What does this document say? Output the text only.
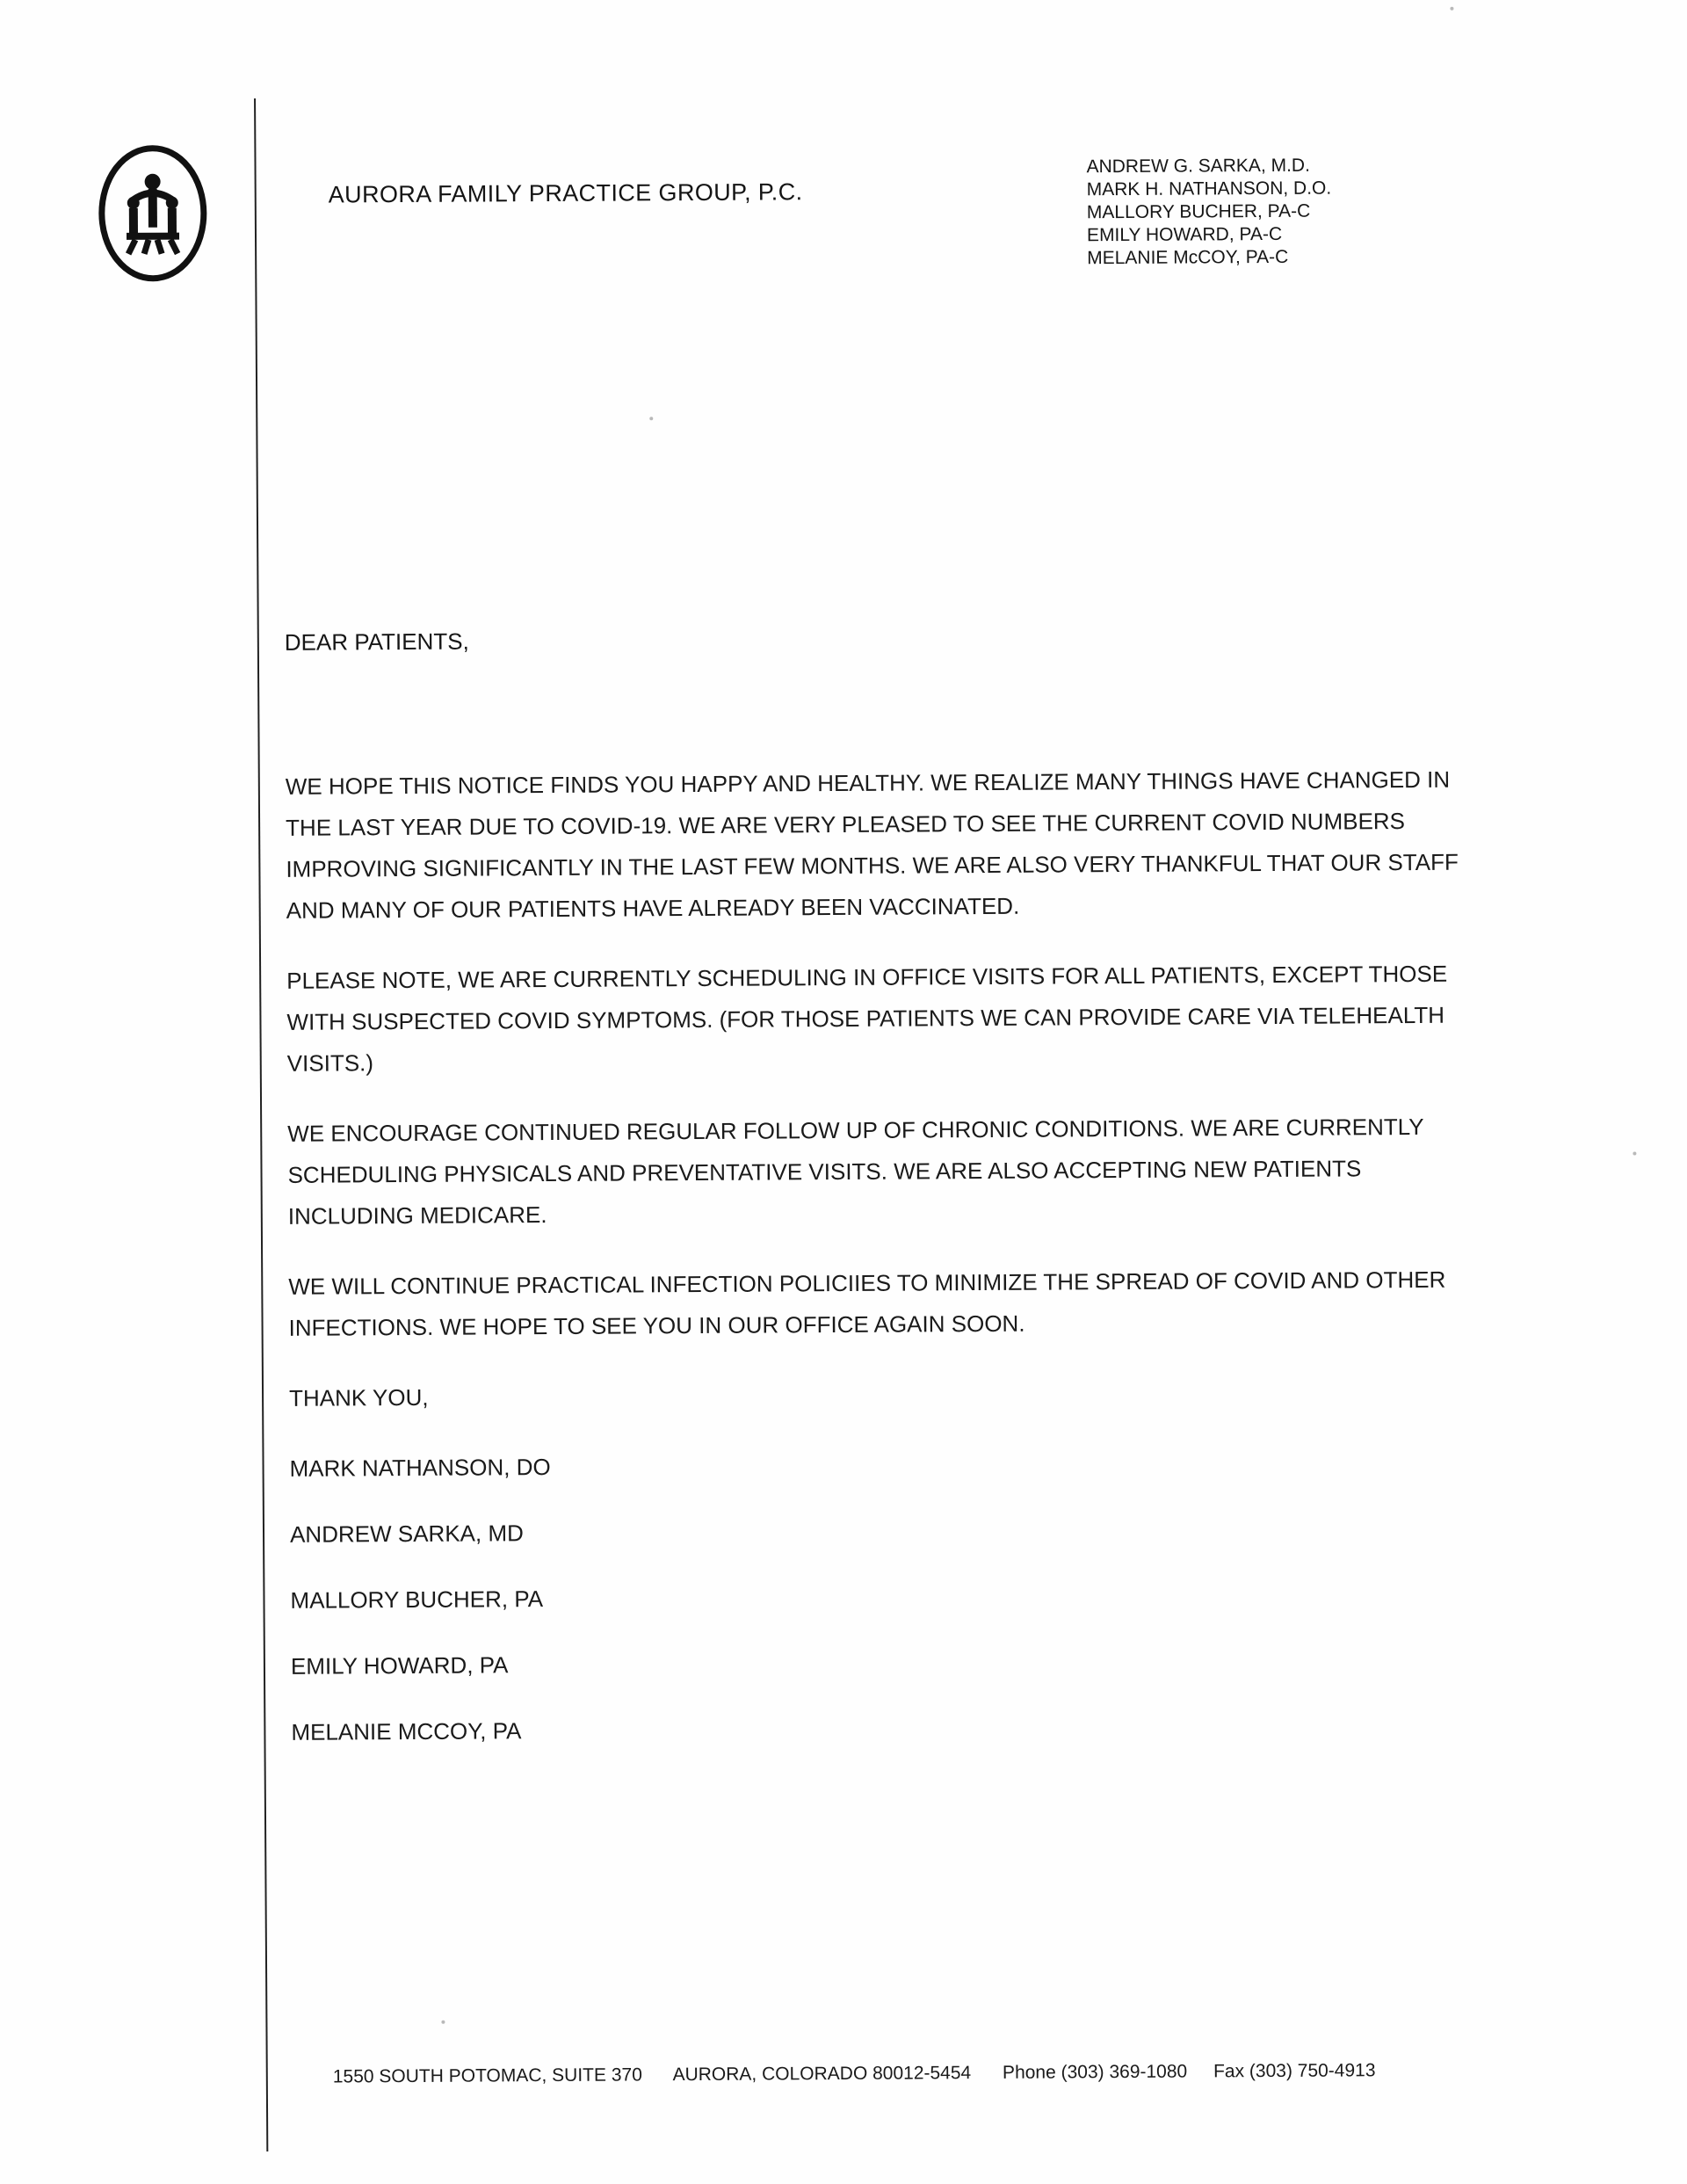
AURORA FAMILY PRACTICE GROUP, P.C.
ANDREW G. SARKA, M.D.
MARK H. NATHANSON, D.O.
MALLORY BUCHER, PA-C
EMILY HOWARD, PA-C
MELANIE McCOY, PA-C
DEAR PATIENTS,

WE HOPE THIS NOTICE FINDS YOU HAPPY AND HEALTHY. WE REALIZE MANY THINGS HAVE CHANGED IN THE LAST YEAR DUE TO COVID-19. WE ARE VERY PLEASED TO SEE THE CURRENT COVID NUMBERS IMPROVING SIGNIFICANTLY IN THE LAST FEW MONTHS. WE ARE ALSO VERY THANKFUL THAT OUR STAFF AND MANY OF OUR PATIENTS HAVE ALREADY BEEN VACCINATED.

PLEASE NOTE, WE ARE CURRENTLY SCHEDULING IN OFFICE VISITS FOR ALL PATIENTS, EXCEPT THOSE WITH SUSPECTED COVID SYMPTOMS. (FOR THOSE PATIENTS WE CAN PROVIDE CARE VIA TELEHEALTH VISITS.)

WE ENCOURAGE CONTINUED REGULAR FOLLOW UP OF CHRONIC CONDITIONS. WE ARE CURRENTLY SCHEDULING PHYSICALS AND PREVENTATIVE VISITS. WE ARE ALSO ACCEPTING NEW PATIENTS INCLUDING MEDICARE.

WE WILL CONTINUE PRACTICAL INFECTION POLICIIES TO MINIMIZE THE SPREAD OF COVID AND OTHER INFECTIONS. WE HOPE TO SEE YOU IN OUR OFFICE AGAIN SOON.

THANK YOU,

MARK NATHANSON, DO
ANDREW SARKA, MD
MALLORY BUCHER, PA
EMILY HOWARD, PA
MELANIE MCCOY, PA
1550 SOUTH POTOMAC, SUITE 370 AURORA, COLORADO 80012-5454 Phone (303) 369-1080 Fax (303) 750-4913
